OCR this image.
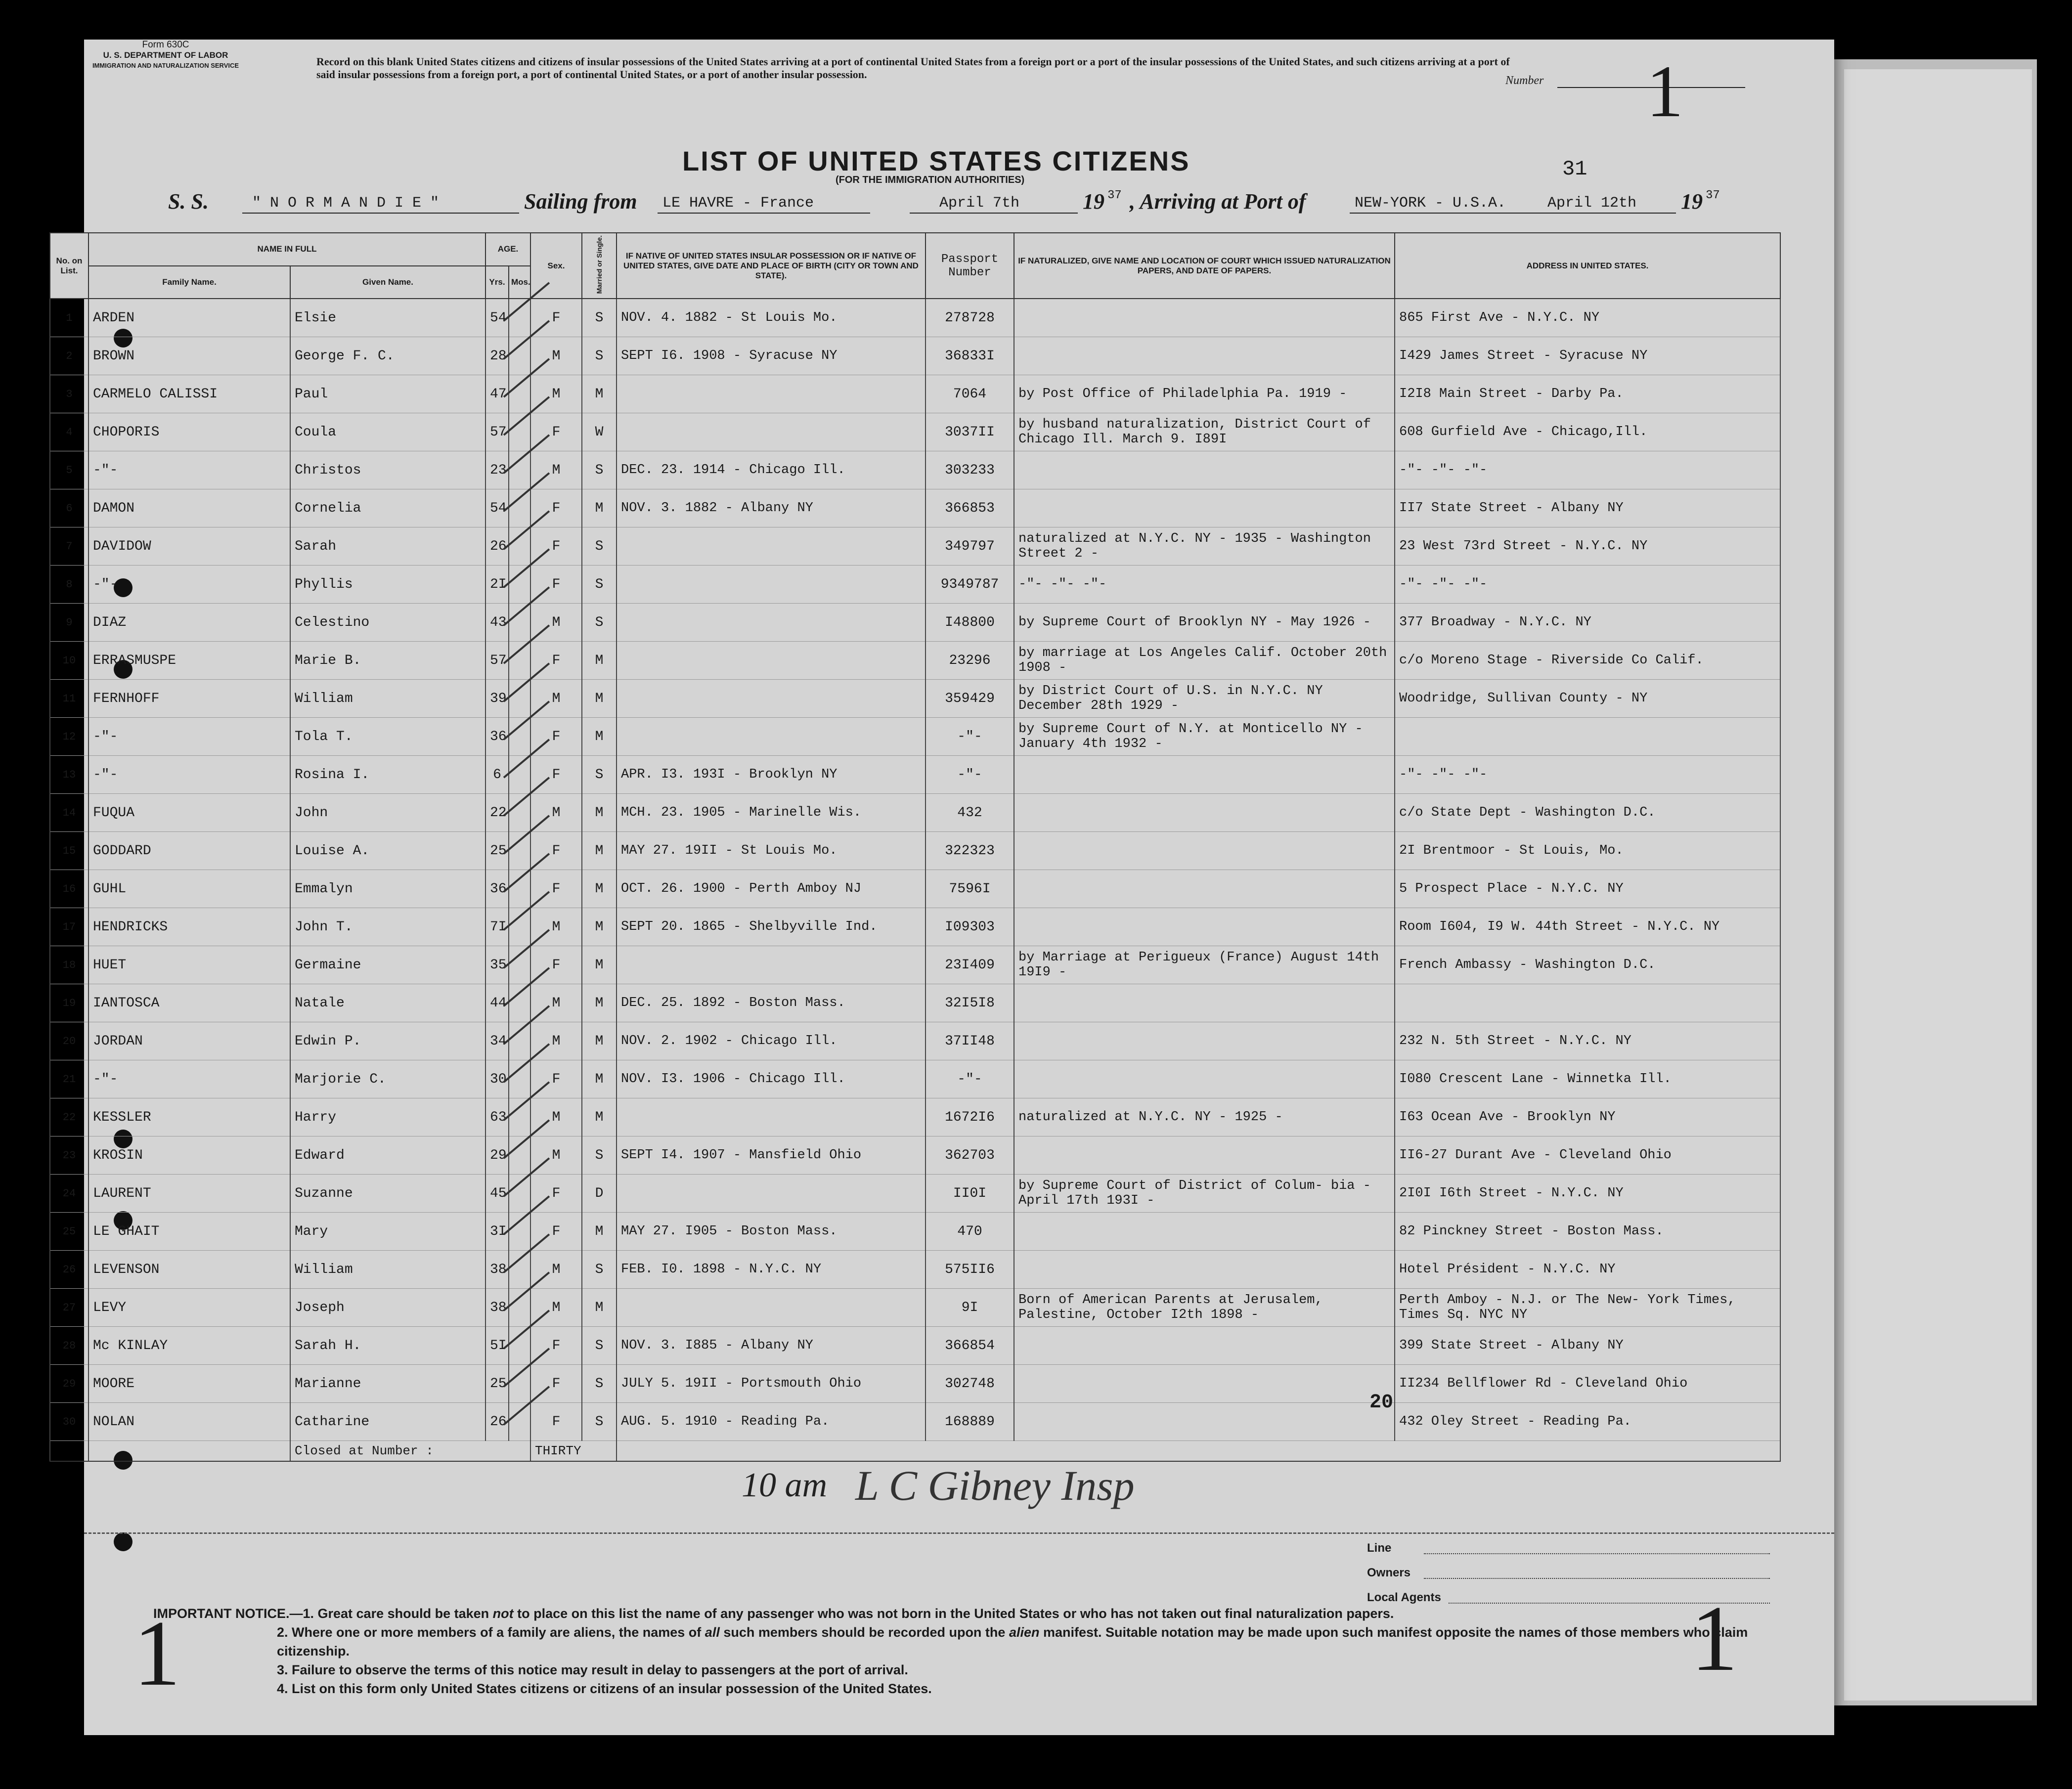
Form 630C
U. S. DEPARTMENT OF LABOR
IMMIGRATION AND NATURALIZATION SERVICE	Record on this blank United States citizens and citizens of insular possessions of the United States arriving at a port of continental United States from a foreign port or a port of the insular possessions of the United States, and such citizens arriving at a port of said insular possessions from a foreign port, a port of continental United States, or a port of another insular possession.	Number 1
LIST OF UNITED STATES CITIZENS
(FOR THE IMMIGRATION AUTHORITIES)	31
S. S.	" N O R M A N D I E "	Sailing from LE HAVRE - France	April 7th	19 37 , Arriving at Port of	NEW-YORK - U.S.A.	April 12th 19 37
No. on List.	NAME IN FULL		AGE.		Sex.	Married or Single.	IF NATIVE OF UNITED STATES INSULAR POSSESSION OR IF NATIVE OF UNITED STATES, GIVE DATE AND PLACE OF BIRTH (CITY OR TOWN AND STATE).	Passport Number	IF NATURALIZED, GIVE NAME AND LOCATION OF COURT WHICH ISSUED NATURALIZATION PAPERS, AND DATE OF PAPERS.	ADDRESS IN UNITED STATES.
	Family Name.	Given Name.	Yrs.	Mos.						
1	ARDEN	Elsie	54		F	S	NOV. 4. 1882 - St Louis Mo.	278728		865 First Ave - N.Y.C. NY
2	BROWN	George F. C.	28		M	S	SEPT I6. 1908 - Syracuse NY	36833I		I429 James Street - Syracuse NY
3	CARMELO CALISSI	Paul	47		M	M		7064	by Post Office of Philadelphia Pa. 1919 -	I2I8 Main Street - Darby Pa.
4	CHOPORIS	Coula	57		F	W		3037II	by husband naturalization, District Court of Chicago Ill. March 9. I89I	608 Gurfield Ave - Chicago,Ill.
5	-"-	Christos	23		M	S	DEC. 23. 1914 - Chicago Ill.	303233		-"- -"- -"-
6	DAMON	Cornelia	54		F	M	NOV. 3. 1882 - Albany NY	366853		II7 State Street - Albany NY
7	DAVIDOW	Sarah	26		F	S		349797	naturalized at N.Y.C. NY - 1935 - Washington Street 2 -	23 West 73rd Street - N.Y.C. NY
8	-"-	Phyllis	2I		F	S		9349787	-"- -"- -"-	-"- -"- -"-
9	DIAZ	Celestino	43		M	S		I48800	by Supreme Court of Brooklyn NY - May 1926 -	377 Broadway - N.Y.C. NY
10	ERRASMUSPE	Marie B.	57		F	M		23296	by marriage at Los Angeles Calif. October 20th 1908 -	c/o Moreno Stage - Riverside Co Calif.
11	FERNHOFF	William	39		M	M		359429	by District Court of U.S. in N.Y.C. NY December 28th 1929 -	Woodridge, Sullivan County - NY
12	-"-	Tola T.	36		F	M		-"-	by Supreme Court of N.Y. at Monticello NY - January 4th 1932 -	
13	-"-	Rosina I.	6		F	S	APR. I3. 193I - Brooklyn NY	-"-		-"- -"- -"-
14	FUQUA	John	22		M	M	MCH. 23. 1905 - Marinelle Wis.	432		c/o State Dept - Washington D.C.
15	GODDARD	Louise A.	25		F	M	MAY 27. 19II - St Louis Mo.	322323		2I Brentmoor - St Louis, Mo.
16	GUHL	Emmalyn	36		F	M	OCT. 26. 1900 - Perth Amboy NJ	7596I		5 Prospect Place - N.Y.C. NY
17	HENDRICKS	John T.	7I		M	M	SEPT 20. 1865 - Shelbyville Ind.	I09303		Room I604, I9 W. 44th Street - N.Y.C. NY
18	HUET	Germaine	35		F	M		23I409	by Marriage at Perigueux (France) August 14th 19I9 -	French Ambassy - Washington D.C.
19	IANTOSCA	Natale	44		M	M	DEC. 25. 1892 - Boston Mass.	32I5I8		
20	JORDAN	Edwin P.	34		M	M	NOV. 2. 1902 - Chicago Ill.	37II48		232 N. 5th Street - N.Y.C. NY
21	-"-	Marjorie C.	30		F	M	NOV. I3. 1906 - Chicago Ill.	-"-		I080 Crescent Lane - Winnetka Ill.
22	KESSLER	Harry	63		M	M		1672I6	naturalized at N.Y.C. NY - 1925 -	I63 Ocean Ave - Brooklyn NY
23	KROSIN	Edward	29		M	S	SEPT I4. 1907 - Mansfield Ohio	362703		II6-27 Durant Ave - Cleveland Ohio
24	LAURENT	Suzanne	45		F	D		II0I	by Supreme Court of District of Colum- bia - April 17th 193I -	2I0I I6th Street - N.Y.C. NY
25	LE GHAIT	Mary	3I		F	M	MAY 27. I905 - Boston Mass.	470		82 Pinckney Street - Boston Mass.
26	LEVENSON	William	38		M	S	FEB. I0. 1898 - N.Y.C. NY	575II6		Hotel Président - N.Y.C. NY
27	LEVY	Joseph	38		M	M		9I	Born of American Parents at Jerusalem, Palestine, October I2th 1898 -	Perth Amboy - N.J. or The New- York Times, Times Sq. NYC NY
28	Mc KINLAY	Sarah H.	5I		F	S	NOV. 3. I885 - Albany NY	366854		399 State Street - Albany NY
29	MOORE	Marianne	25		F	S	JULY 5. 19II - Portsmouth Ohio	302748		II234 Bellflower Rd - Cleveland Ohio
30	NOLAN	Catharine	26		F	S	AUG. 5. 1910 - Reading Pa.	168889		432 Oley Street - Reading Pa.
		Closed at Number :			THIRTY					
10 am L C Gibney Insp
20
Line
Owners
Local Agents
1	1
IMPORTANT NOTICE.—1. Great care should be taken not to place on this list the name of any passenger who was not born in the United States or who has not taken out final naturalization papers.
2. Where one or more members of a family are aliens, the names of all such members should be recorded upon the alien manifest. Suitable notation may be made upon such manifest opposite the names of those members who claim citizenship.
3. Failure to observe the terms of this notice may result in delay to passengers at the port of arrival.
4. List on this form only United States citizens or citizens of an insular possession of the United States.
